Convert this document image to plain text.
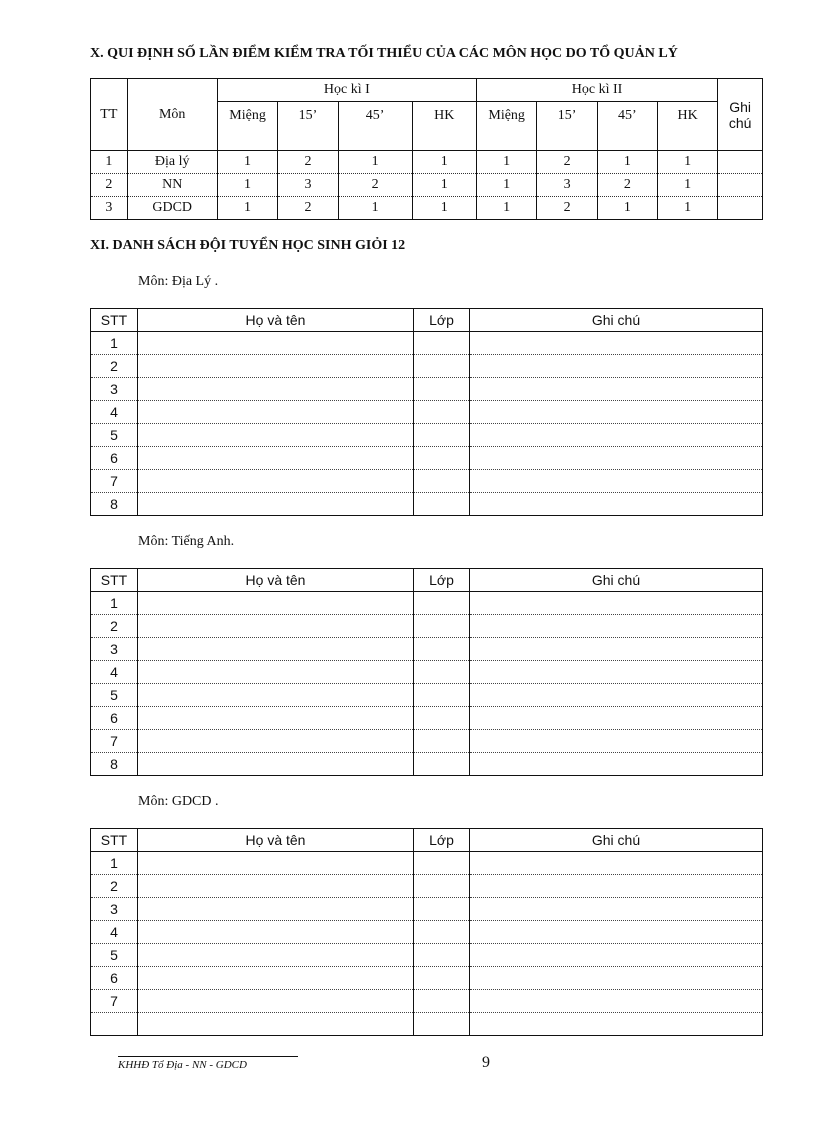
X. QUI ĐỊNH SỐ LẦN ĐIỂM KIỂM TRA TỐI THIỂU CỦA CÁC MÔN HỌC DO TỔ QUẢN LÝ
TT	Môn	Học kì I				Học kì II				Ghi chú
		Miệng	15’	45’	HK	Miệng	15’	45’	HK	
1	Địa lý	1	2	1	1	1	2	1	1	
2	NN	1	3	2	1	1	3	2	1	
3	GDCD	1	2	1	1	1	2	1	1	
XI. DANH SÁCH ĐỘI TUYỂN HỌC SINH GIỎI 12
Môn: Địa Lý .
STT	Họ và tên	Lớp	Ghi chú
1			
2			
3			
4			
5			
6			
7			
8			
Môn: Tiếng Anh.
STT	Họ và tên	Lớp	Ghi chú
1			
2			
3			
4			
5			
6			
7			
8			
Môn: GDCD .
STT	Họ và tên	Lớp	Ghi chú
1			
2			
3			
4			
5			
6			
7			

KHHĐ Tổ Địa - NN - GDCD	9
